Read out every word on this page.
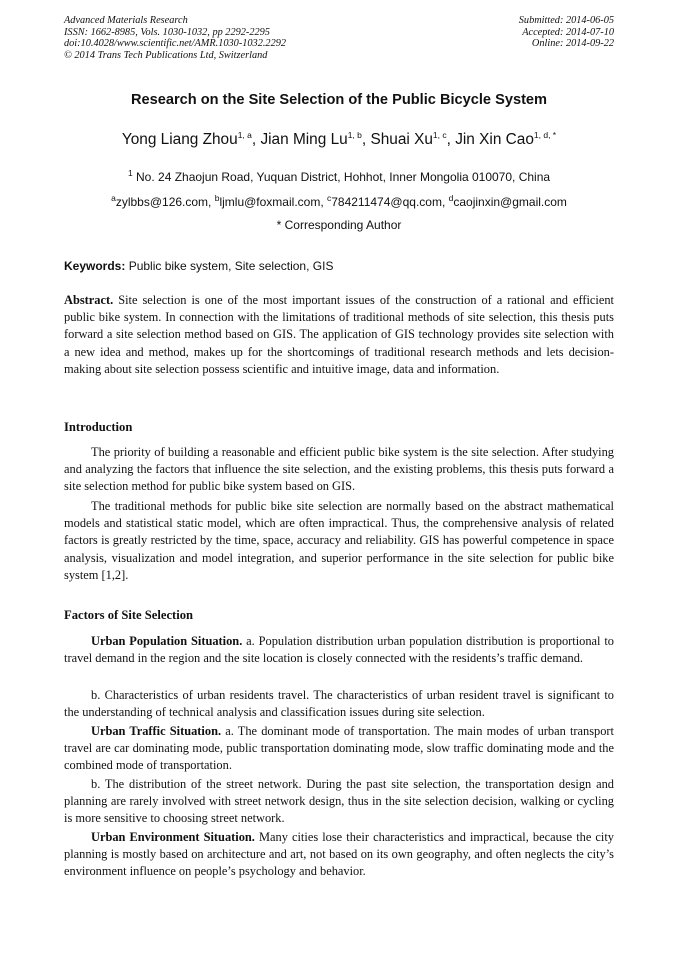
Advanced Materials Research
ISSN: 1662-8985, Vols. 1030-1032, pp 2292-2295
doi:10.4028/www.scientific.net/AMR.1030-1032.2292
© 2014 Trans Tech Publications Ltd, Switzerland
Submitted: 2014-06-05
Accepted: 2014-07-10
Online: 2014-09-22
Research on the Site Selection of the Public Bicycle System
Yong Liang Zhou$^{1, a}$, Jian Ming Lu$^{1, b}$, Shuai Xu$^{1, c}$, Jin Xin Cao$^{1, d, *}$
$^1$ No. 24 Zhaojun Road, Yuquan District, Hohhot, Inner Mongolia 010070, China
$^a$zylbbs@126.com, $^b$ljmlu@foxmail.com, $^c$784211474@qq.com, $^d$caojinxin@gmail.com
* Corresponding Author
Keywords: Public bike system, Site selection, GIS

Abstract. Site selection is one of the most important issues of the construction of a rational and efficient public bike system. In connection with the limitations of traditional methods of site selection, this thesis puts forward a site selection method based on GIS. The application of GIS technology provides site selection with a new idea and method, makes up for the shortcomings of traditional research methods and lets decision-making about site selection possess scientific and intuitive image, data and information.

Introduction

The priority of building a reasonable and efficient public bike system is the site selection. After studying and analyzing the factors that influence the site selection, and the existing problems, this thesis puts forward a site selection method for public bike system based on GIS.

The traditional methods for public bike site selection are normally based on the abstract mathematical models and statistical static model, which are often impractical. Thus, the comprehensive analysis of related factors is greatly restricted by the time, space, accuracy and reliability. GIS has powerful competence in space analysis, visualization and model integration, and superior performance in the site selection for public bike system [1,2].

Factors of Site Selection

Urban Population Situation. a. Population distribution urban population distribution is proportional to travel demand in the region and the site location is closely connected with the residents’s traffic demand.

b. Characteristics of urban residents travel. The characteristics of urban resident travel is significant to the understanding of technical analysis and classification issues during site selection.

Urban Traffic Situation. a. The dominant mode of transportation. The main modes of urban transport travel are car dominating mode, public transportation dominating mode, slow traffic dominating mode and the combined mode of transportation.

b. The distribution of the street network. During the past site selection, the transportation design and planning are rarely involved with street network design, thus in the site selection decision, walking or cycling is more sensitive to choosing street network.

Urban Environment Situation. Many cities lose their characteristics and impractical, because the city planning is mostly based on architecture and art, not based on its own geography, and often neglects the city’s environment influence on people’s psychology and behavior.
